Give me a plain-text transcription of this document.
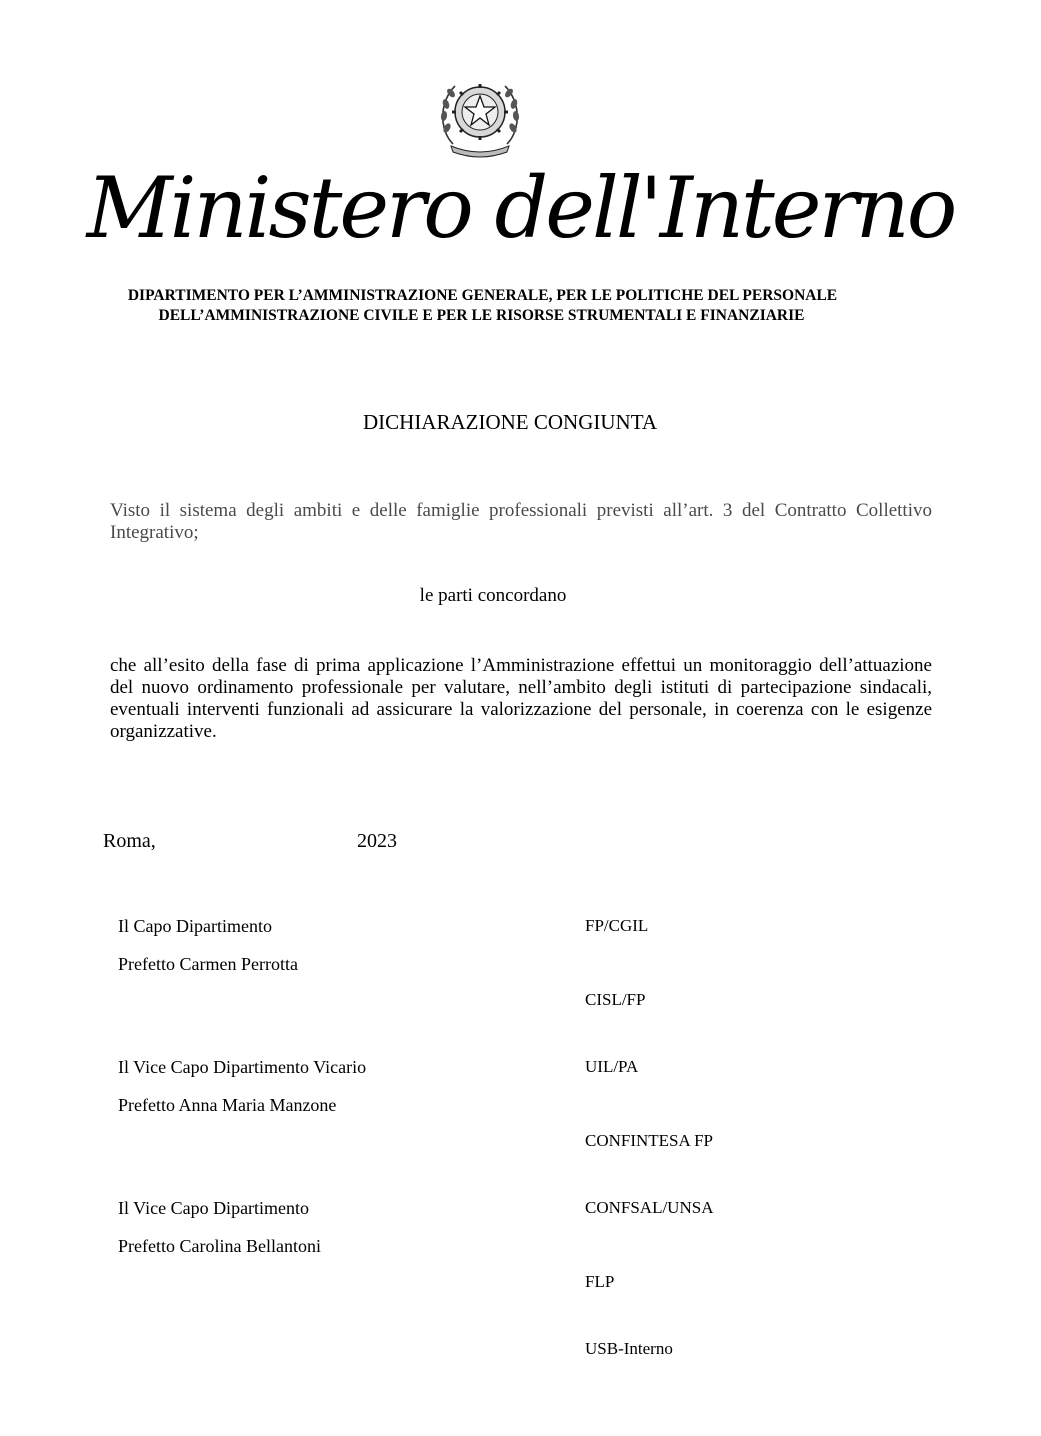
Ministero dell'Interno
DIPARTIMENTO PER L’AMMINISTRAZIONE GENERALE, PER LE POLITICHE DEL PERSONALE
DELL’AMMINISTRAZIONE CIVILE E PER LE RISORSE STRUMENTALI E FINANZIARIE
DICHIARAZIONE CONGIUNTA
Visto il sistema degli ambiti e delle famiglie professionali previsti all’art. 3 del Contratto Collettivo Integrativo;
le parti concordano
che all’esito della fase di prima applicazione l’Amministrazione effettui un monitoraggio dell’attuazione del nuovo ordinamento professionale per valutare, nell’ambito degli istituti di partecipazione sindacali, eventuali interventi funzionali ad assicurare la valorizzazione del personale, in coerenza con le esigenze organizzative.
Roma,	2023
Il Capo Dipartimento
Prefetto Carmen Perrotta
Il Vice Capo Dipartimento Vicario
Prefetto Anna Maria Manzone
Il Vice Capo Dipartimento
Prefetto Carolina Bellantoni
FP/CGIL
CISL/FP
UIL/PA
CONFINTESA FP
CONFSAL/UNSA
FLP
USB-Interno
